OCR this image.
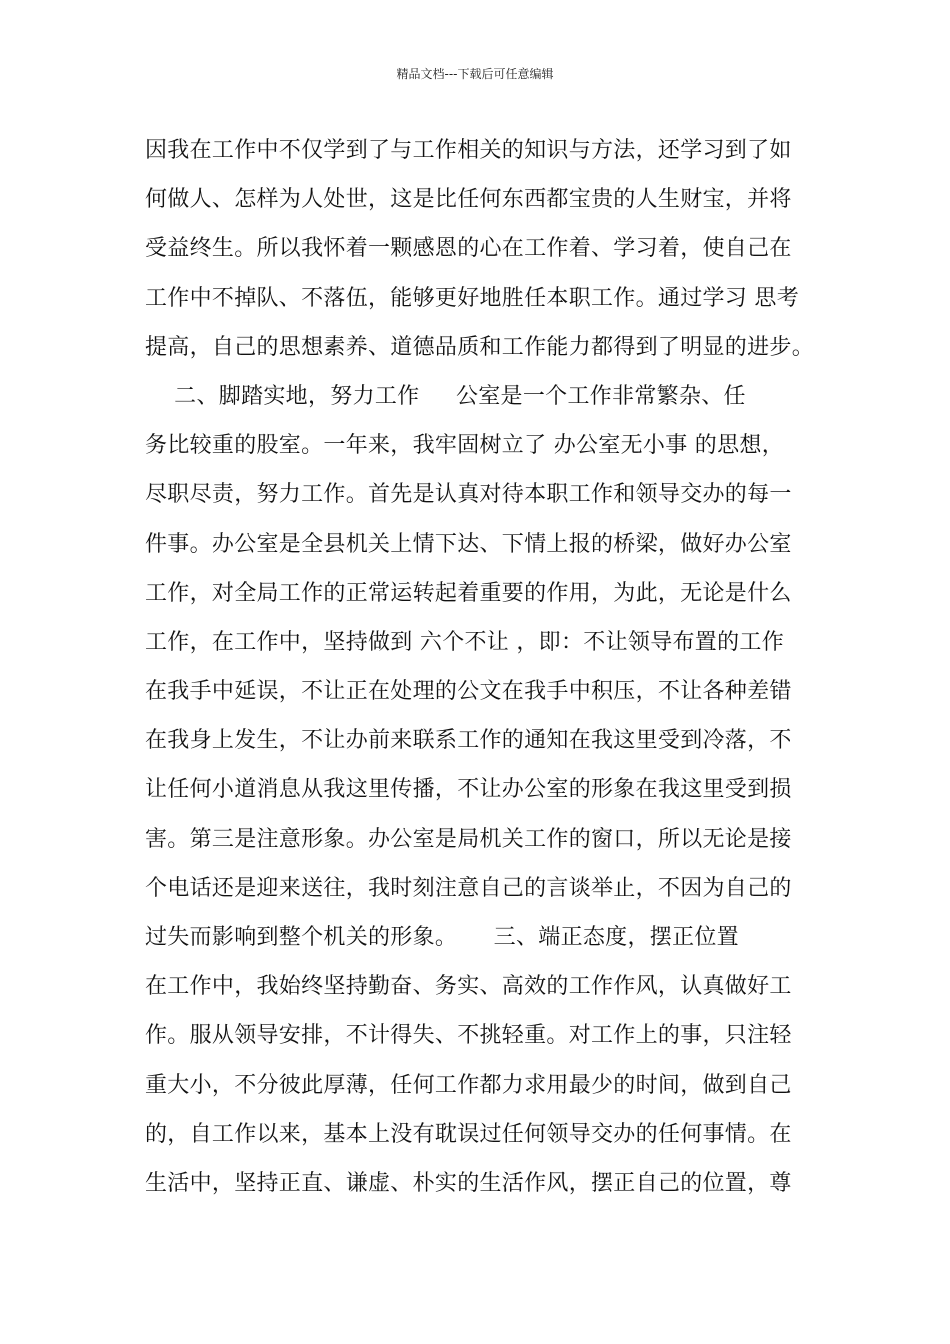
精品文档---下载后可任意编辑
因我在工作中不仅学到了与工作相关的知识与方法，还学习到了如
何做人、怎样为人处世，这是比任何东西都宝贵的人生财宝，并将
受益终生。所以我怀着一颗感恩的心在工作着、学习着，使自己在
工作中不掉队、不落伍，能够更好地胜任本职工作。通过学习 思考
提高，自己的思想素养、道德品质和工作能力都得到了明显的进步。
二、脚踏实地，努力工作     公室是一个工作非常繁杂、任
务比较重的股室。一年来，我牢固树立了 办公室无小事 的思想，
尽职尽责，努力工作。首先是认真对待本职工作和领导交办的每一
件事。办公室是全县机关上情下达、下情上报的桥梁，做好办公室
工作，对全局工作的正常运转起着重要的作用，为此，无论是什么
工作，在工作中，坚持做到 六个不让 ，即：不让领导布置的工作
在我手中延误，不让正在处理的公文在我手中积压，不让各种差错
在我身上发生，不让办前来联系工作的通知在我这里受到冷落，不
让任何小道消息从我这里传播，不让办公室的形象在我这里受到损
害。第三是注意形象。办公室是局机关工作的窗口，所以无论是接
个电话还是迎来送往，我时刻注意自己的言谈举止，不因为自己的
过失而影响到整个机关的形象。     三、端正态度，摆正位置
在工作中，我始终坚持勤奋、务实、高效的工作作风，认真做好工
作。服从领导安排，不计得失、不挑轻重。对工作上的事，只注轻
重大小，不分彼此厚薄，任何工作都力求用最少的时间，做到自己
的，自工作以来，基本上没有耽误过任何领导交办的任何事情。在
生活中，坚持正直、谦虚、朴实的生活作风，摆正自己的位置，尊
